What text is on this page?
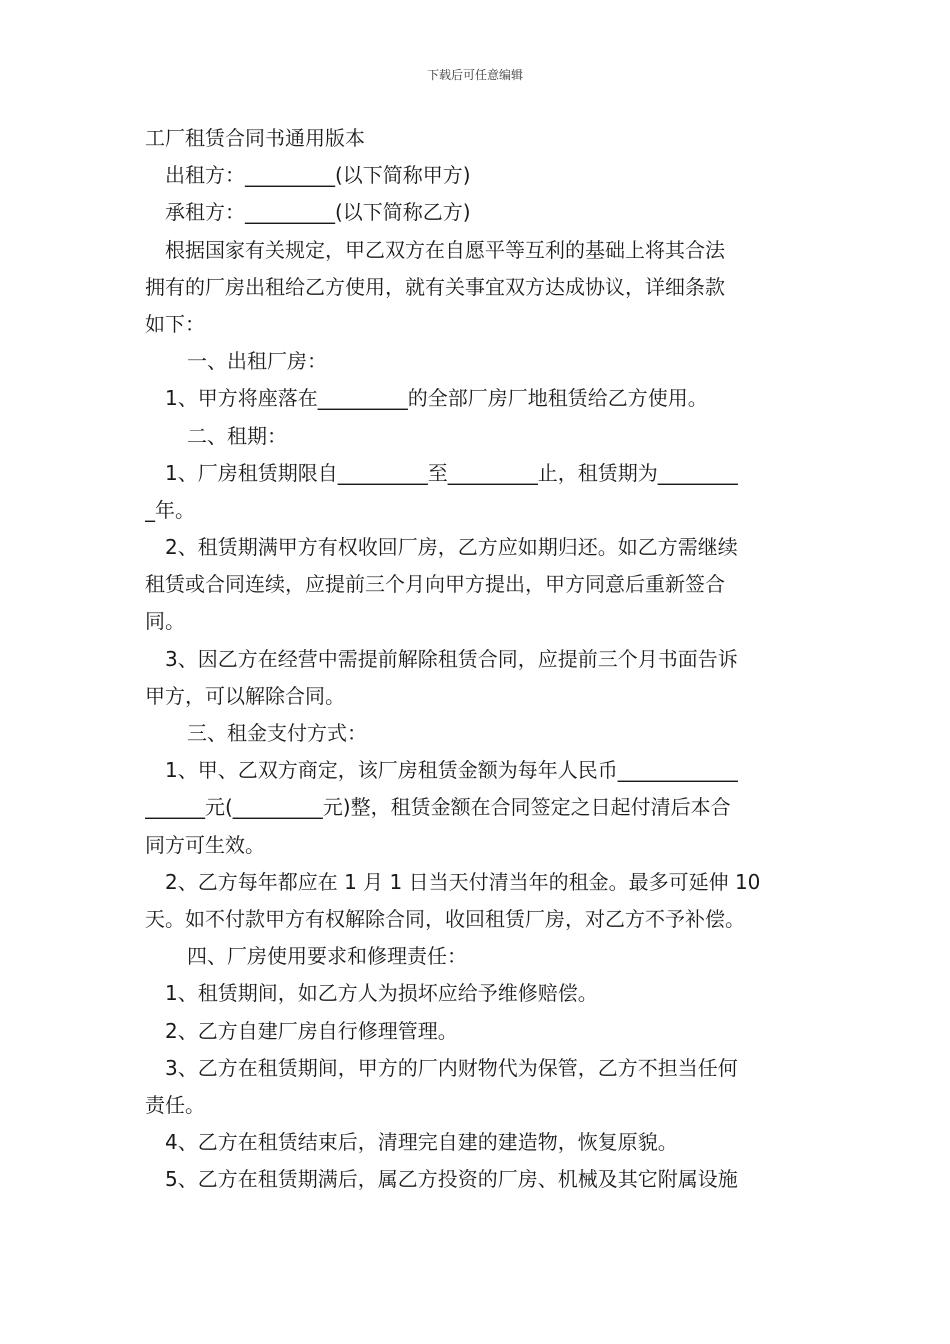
下载后可任意编辑
工厂租赁合同书通用版本
出租方：_________(以下简称甲方)
承租方：_________(以下简称乙方)
根据国家有关规定，甲乙双方在自愿平等互利的基础上将其合法
拥有的厂房出租给乙方使用，就有关事宜双方达成协议，详细条款
如下：
一、出租厂房：
1、甲方将座落在_________的全部厂房厂地租赁给乙方使用。
二、租期：
1、厂房租赁期限自_________至_________止，租赁期为________
_年。
2、租赁期满甲方有权收回厂房，乙方应如期归还。如乙方需继续
租赁或合同连续，应提前三个月向甲方提出，甲方同意后重新签合
同。
3、因乙方在经营中需提前解除租赁合同，应提前三个月书面告诉
甲方，可以解除合同。
三、租金支付方式：
1、甲、乙双方商定，该厂房租赁金额为每年人民币____________
______元(_________元)整，租赁金额在合同签定之日起付清后本合
同方可生效。
2、乙方每年都应在 1 月 1 日当天付清当年的租金。最多可延伸 10
天。如不付款甲方有权解除合同，收回租赁厂房，对乙方不予补偿。
四、厂房使用要求和修理责任：
1、租赁期间，如乙方人为损坏应给予维修赔偿。
2、乙方自建厂房自行修理管理。
3、乙方在租赁期间，甲方的厂内财物代为保管，乙方不担当任何
责任。
4、乙方在租赁结束后，清理完自建的建造物，恢复原貌。
5、乙方在租赁期满后，属乙方投资的厂房、机械及其它附属设施
